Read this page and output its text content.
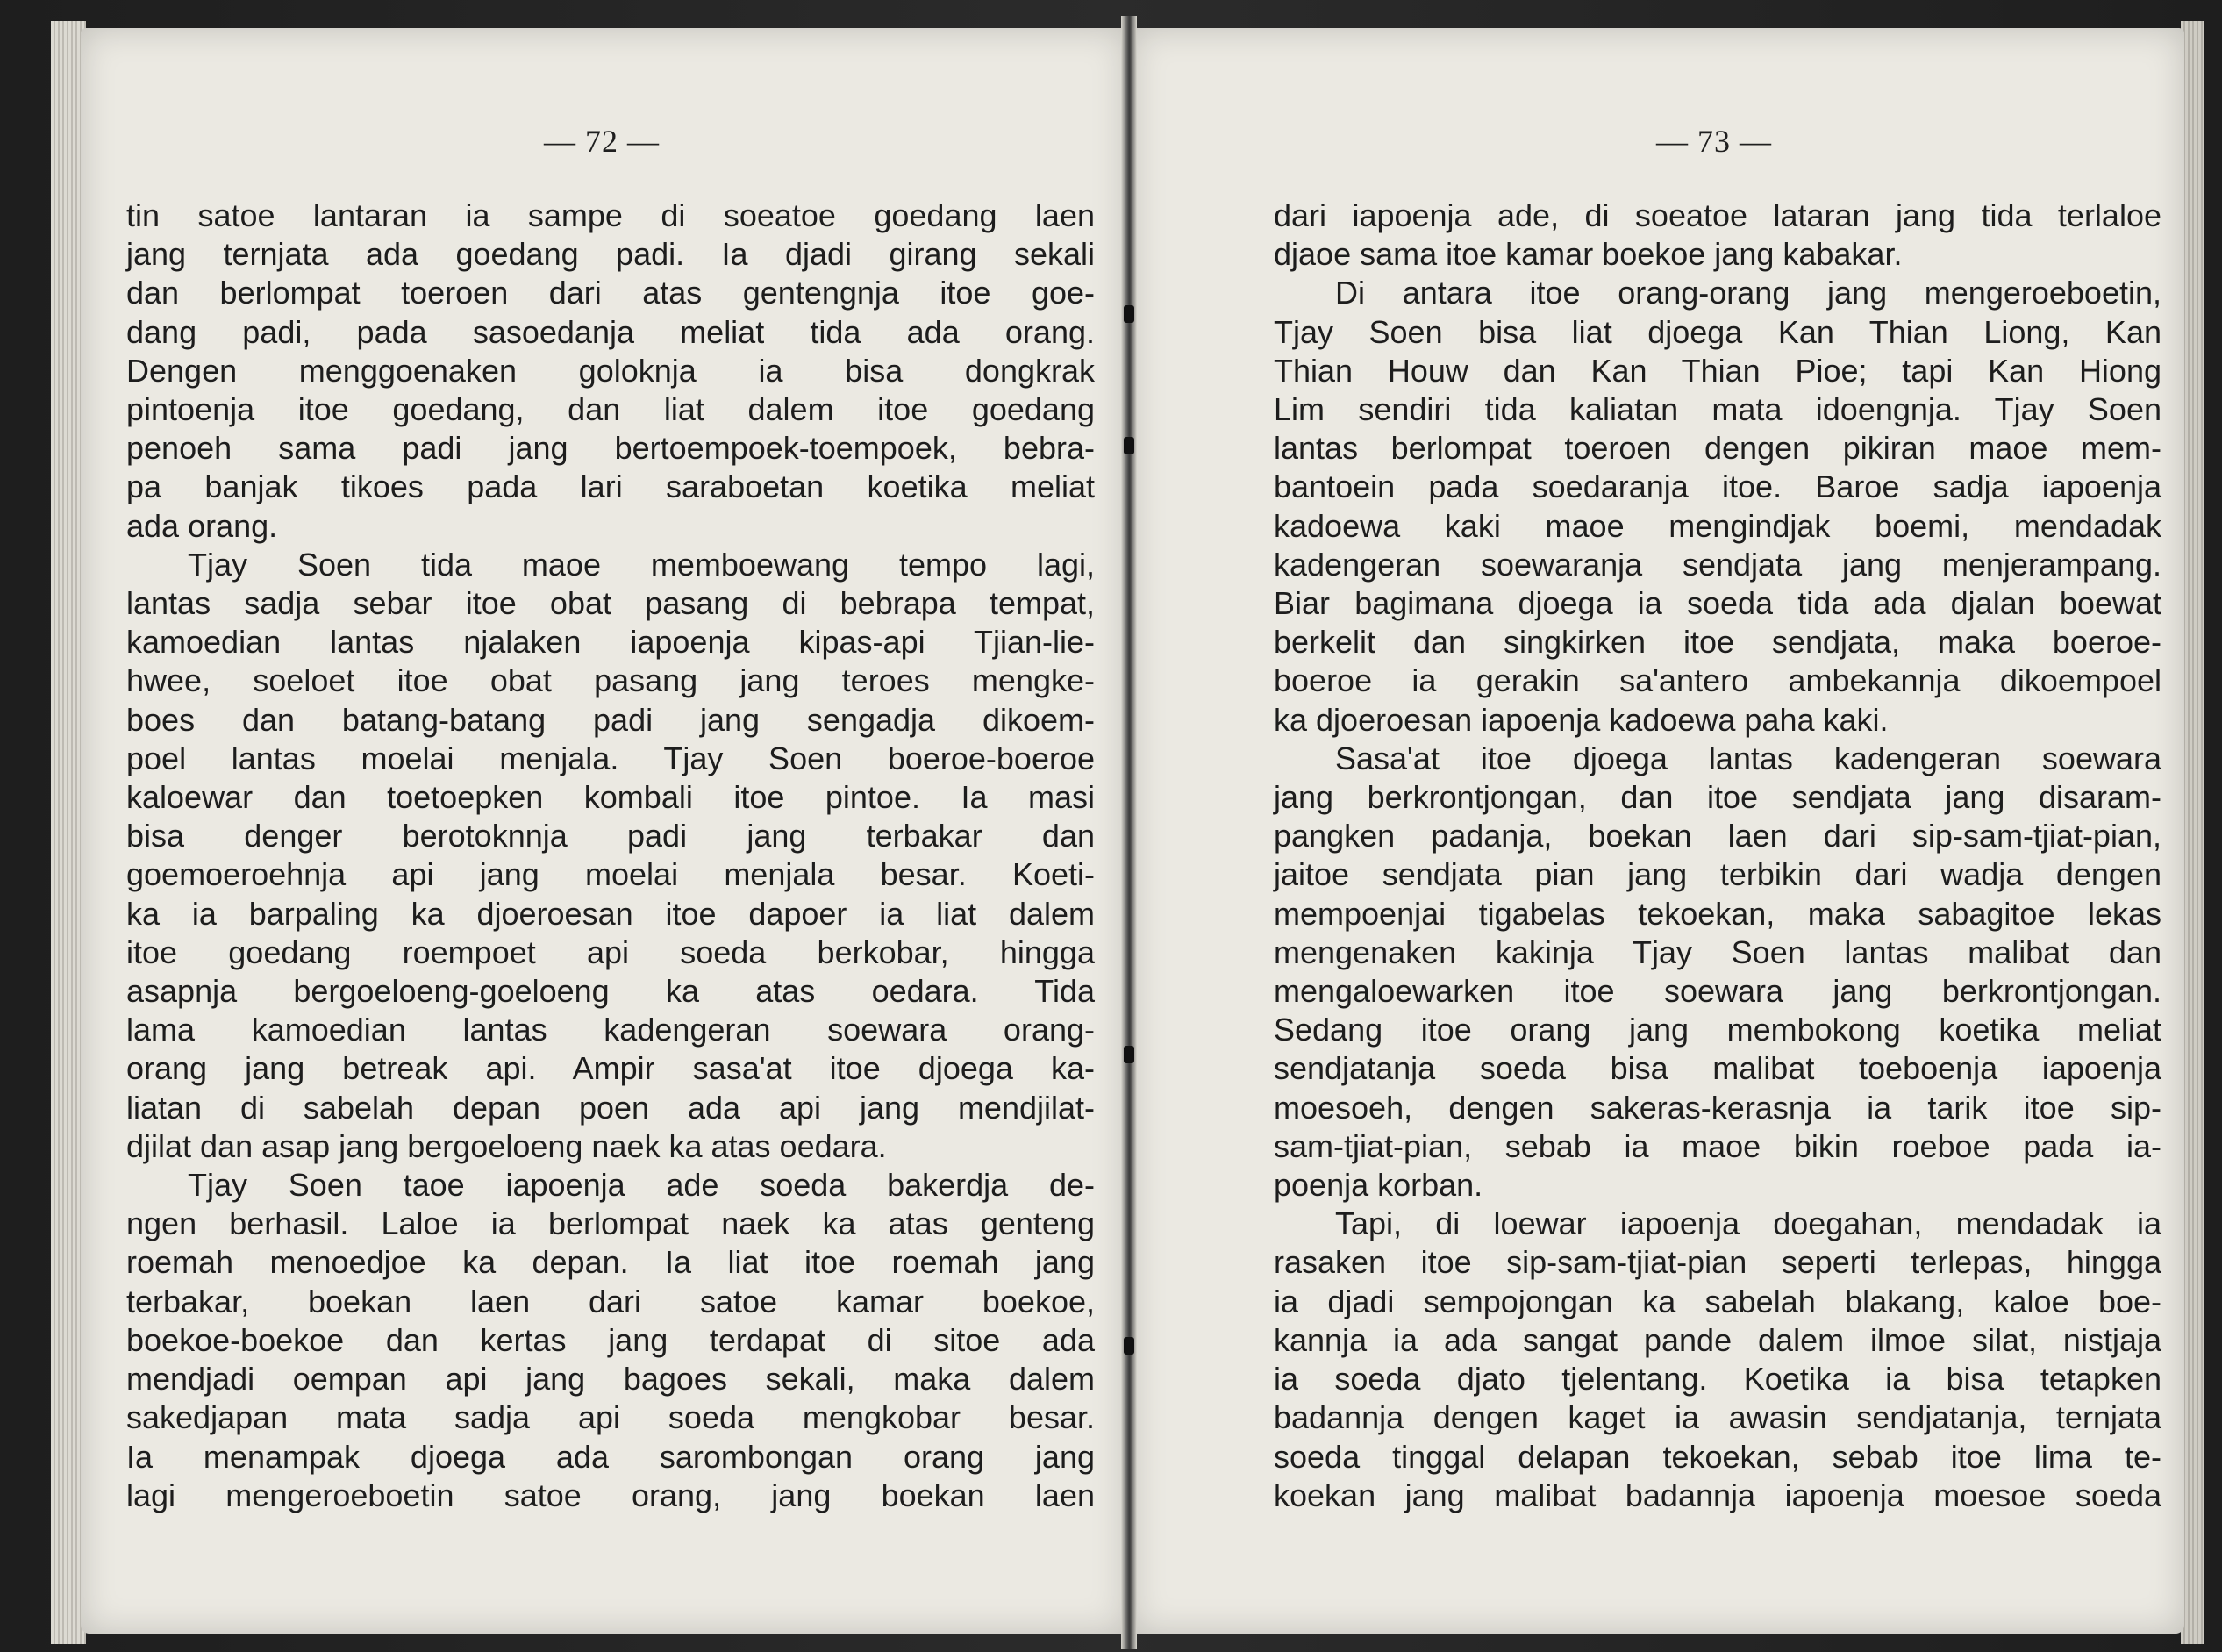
— 72 —
tin satoe lantaran ia sampe di soeatoe goedang laen
jang ternjata ada goedang padi. Ia djadi girang sekali
dan berlompat toeroen dari atas gentengnja itoe goe-
dang padi, pada sasoedanja meliat tida ada orang.
Dengen menggoenaken goloknja ia bisa dongkrak
pintoenja itoe goedang, dan liat dalem itoe goedang
penoeh sama padi jang bertoempoek-toempoek, bebra-
pa banjak tikoes pada lari saraboetan koetika meliat
ada orang.
Tjay Soen tida maoe memboewang tempo lagi,
lantas sadja sebar itoe obat pasang di bebrapa tempat,
kamoedian lantas njalaken iapoenja kipas-api Tjian-lie-
hwee, soeloet itoe obat pasang jang teroes mengke-
boes dan batang-batang padi jang sengadja dikoem-
poel lantas moelai menjala. Tjay Soen boeroe-boeroe
kaloewar dan toetoepken kombali itoe pintoe. Ia masi
bisa denger berotoknnja padi jang terbakar dan
goemoeroehnja api jang moelai menjala besar. Koeti-
ka ia barpaling ka djoeroesan itoe dapoer ia liat dalem
itoe goedang roempoet api soeda berkobar, hingga
asapnja bergoeloeng-goeloeng ka atas oedara. Tida
lama kamoedian lantas kadengeran soewara orang-
orang jang betreak api. Ampir sasa'at itoe djoega ka-
liatan di sabelah depan poen ada api jang mendjilat-
djilat dan asap jang bergoeloeng naek ka atas oedara.
Tjay Soen taoe iapoenja ade soeda bakerdja de-
ngen berhasil. Laloe ia berlompat naek ka atas genteng
roemah menoedjoe ka depan. Ia liat itoe roemah jang
terbakar, boekan laen dari satoe kamar boekoe,
boekoe-boekoe dan kertas jang terdapat di sitoe ada
mendjadi oempan api jang bagoes sekali, maka dalem
sakedjapan mata sadja api soeda mengkobar besar.
Ia menampak djoega ada sarombongan orang jang
lagi mengeroeboetin satoe orang, jang boekan laen
— 73 —
dari iapoenja ade, di soeatoe lataran jang tida terlaloe
djaoe sama itoe kamar boekoe jang kabakar.
Di antara itoe orang-orang jang mengeroeboetin,
Tjay Soen bisa liat djoega Kan Thian Liong, Kan
Thian Houw dan Kan Thian Pioe; tapi Kan Hiong
Lim sendiri tida kaliatan mata idoengnja. Tjay Soen
lantas berlompat toeroen dengen pikiran maoe mem-
bantoein pada soedaranja itoe. Baroe sadja iapoenja
kadoewa kaki maoe mengindjak boemi, mendadak
kadengeran soewaranja sendjata jang menjerampang.
Biar bagimana djoega ia soeda tida ada djalan boewat
berkelit dan singkirken itoe sendjata, maka boeroe-
boeroe ia gerakin sa'antero ambekannja dikoempoel
ka djoeroesan iapoenja kadoewa paha kaki.
Sasa'at itoe djoega lantas kadengeran soewara
jang berkrontjongan, dan itoe sendjata jang disaram-
pangken padanja, boekan laen dari sip-sam-tjiat-pian,
jaitoe sendjata pian jang terbikin dari wadja dengen
mempoenjai tigabelas tekoekan, maka sabagitoe lekas
mengenaken kakinja Tjay Soen lantas malibat dan
mengaloewarken itoe soewara jang berkrontjongan.
Sedang itoe orang jang membokong koetika meliat
sendjatanja soeda bisa malibat toeboenja iapoenja
moesoeh, dengen sakeras-kerasnja ia tarik itoe sip-
sam-tjiat-pian, sebab ia maoe bikin roeboe pada ia-
poenja korban.
Tapi, di loewar iapoenja doegahan, mendadak ia
rasaken itoe sip-sam-tjiat-pian seperti terlepas, hingga
ia djadi sempojongan ka sabelah blakang, kaloe boe-
kannja ia ada sangat pande dalem ilmoe silat, nistjaja
ia soeda djato tjelentang. Koetika ia bisa tetapken
badannja dengen kaget ia awasin sendjatanja, ternjata
soeda tinggal delapan tekoekan, sebab itoe lima te-
koekan jang malibat badannja iapoenja moesoe soeda
